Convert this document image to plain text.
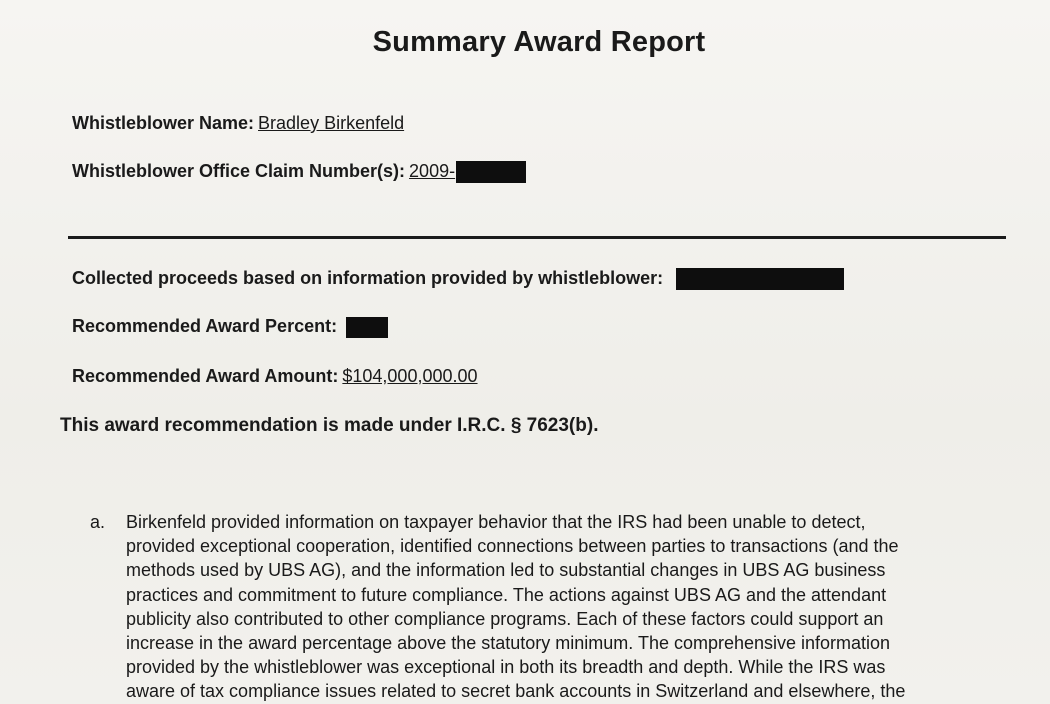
Summary Award Report
Whistleblower Name: Bradley Birkenfeld
Whistleblower Office Claim Number(s): 2009-
Collected proceeds based on information provided by whistleblower:
Recommended Award Percent:
Recommended Award Amount: $104,000,000.00
This award recommendation is made under I.R.C. § 7623(b).
a. Birkenfeld provided information on taxpayer behavior that the IRS had been unable to detect,
provided exceptional cooperation, identified connections between parties to transactions (and the
methods used by UBS AG), and the information led to substantial changes in UBS AG business
practices and commitment to future compliance. The actions against UBS AG and the attendant
publicity also contributed to other compliance programs. Each of these factors could support an
increase in the award percentage above the statutory minimum. The comprehensive information
provided by the whistleblower was exceptional in both its breadth and depth. While the IRS was
aware of tax compliance issues related to secret bank accounts in Switzerland and elsewhere, the
